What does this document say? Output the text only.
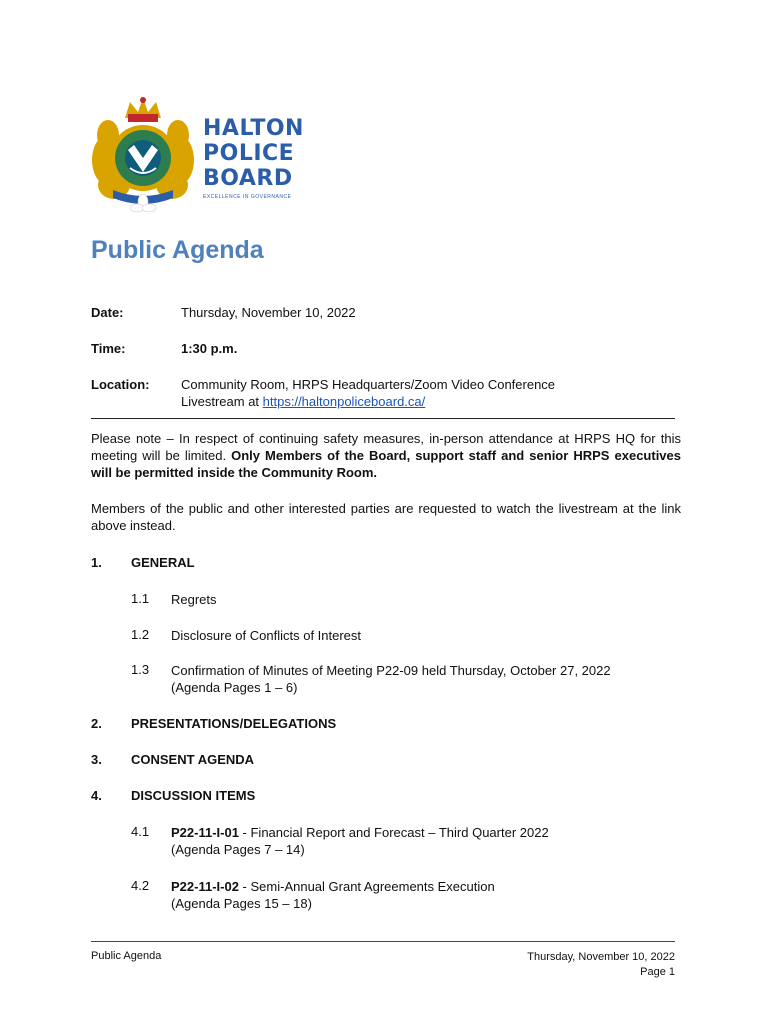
HALTON
POLICE
BOARD
EXCELLENCE IN GOVERNANCE
Public Agenda
Date:	Thursday, November 10, 2022
Time:	1:30 p.m.
Location: Community Room, HRPS Headquarters/Zoom Video Conference
Livestream at https://haltonpoliceboard.ca/
Please note – In respect of continuing safety measures, in-person attendance at HRPS HQ for this meeting will be limited. Only Members of the Board, support staff and senior HRPS executives will be permitted inside the Community Room.
Members of the public and other interested parties are requested to watch the livestream at the link above instead.
1. GENERAL
1.1 Regrets
1.2 Disclosure of Conflicts of Interest
1.3 Confirmation of Minutes of Meeting P22-09 held Thursday, October 27, 2022
(Agenda Pages 1 – 6)
2. PRESENTATIONS/DELEGATIONS
3. CONSENT AGENDA
4. DISCUSSION ITEMS
4.1 P22-11-I-01 - Financial Report and Forecast – Third Quarter 2022
(Agenda Pages 7 – 14)
4.2 P22-11-I-02 - Semi-Annual Grant Agreements Execution
(Agenda Pages 15 – 18)
Public Agenda	Thursday, November 10, 2022
Page 1
